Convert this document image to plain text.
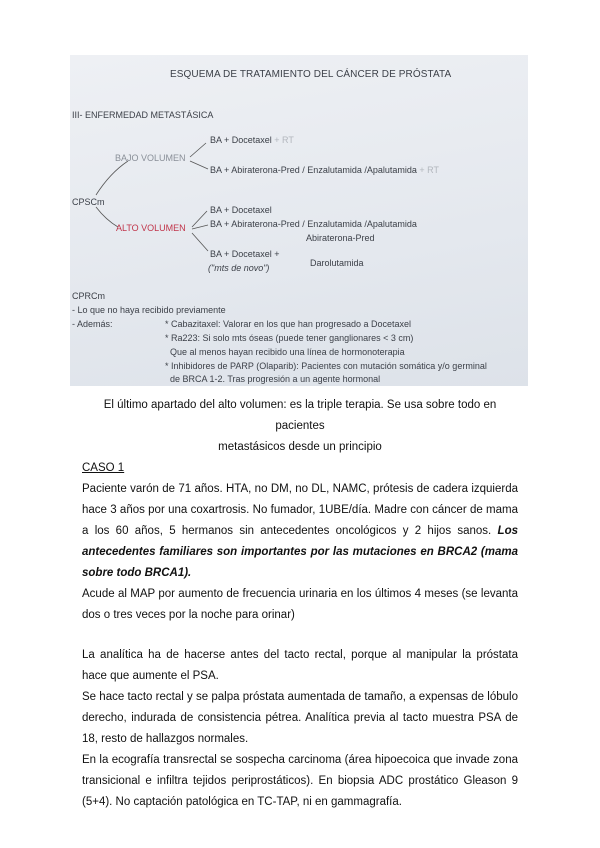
ESQUEMA DE TRATAMIENTO DEL CÁNCER DE PRÓSTATA
III- ENFERMEDAD METASTÁSICA
BAJO VOLUMEN
BA + Docetaxel + RT
BA + Abiraterona-Pred / Enzalutamida /Apalutamida + RT
CPSCm
ALTO VOLUMEN
BA + Docetaxel
BA + Abiraterona-Pred / Enzalutamida /Apalutamida
Abiraterona-Pred
BA + Docetaxel +
("mts de novo")	Darolutamida
CPRCm
- Lo que no haya recibido previamente
- Además:	* Cabazitaxel: Valorar en los que han progresado a Docetaxel
* Ra223: Si solo mts óseas (puede tener ganglionares < 3 cm)
Que al menos hayan recibido una línea de hormonoterapia
* Inhibidores de PARP (Olaparib): Pacientes con mutación somática y/o germinal
de BRCA 1-2. Tras progresión a un agente hormonal

El último apartado del alto volumen: es la triple terapia. Se usa sobre todo en pacientes

metastásicos desde un principio

CASO 1

Paciente varón de 71 años. HTA, no DM, no DL, NAMC, prótesis de cadera izquierda hace 3 años por una coxartrosis. No fumador, 1UBE/día. Madre con cáncer de mama a los 60 años, 5 hermanos sin antecedentes oncológicos y 2 hijos sanos. Los antecedentes familiares son importantes por las mutaciones en BRCA2 (mama sobre todo BRCA1).

Acude al MAP por aumento de frecuencia urinaria en los últimos 4 meses (se levanta dos o tres veces por la noche para orinar)

La analítica ha de hacerse antes del tacto rectal, porque al manipular la próstata hace que aumente el PSA.

Se hace tacto rectal y se palpa próstata aumentada de tamaño, a expensas de lóbulo derecho, indurada de consistencia pétrea. Analítica previa al tacto muestra PSA de 18, resto de hallazgos normales.

En la ecografía transrectal se sospecha carcinoma (área hipoecoica que invade zona transicional e infiltra tejidos periprostáticos). En biopsia ADC prostático Gleason 9 (5+4). No captación patológica en TC-TAP, ni en gammagrafía.
